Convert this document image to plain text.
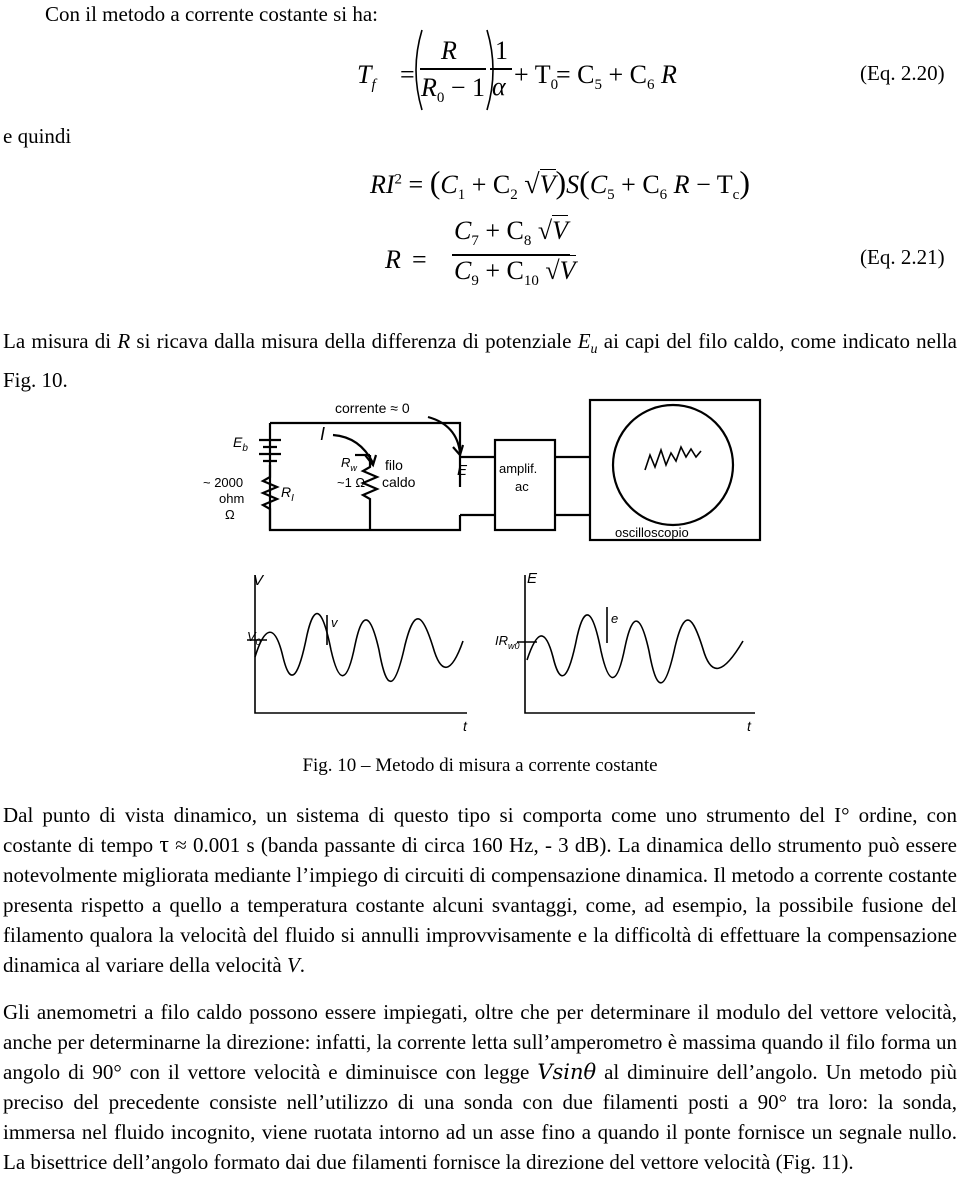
Con il metodo a corrente costante si ha:
$T_f$ =
R
$R_0 - 1$
1
$\alpha + T_0$
= $C_5 + C_6$ R	(Eq. 2.20)
e quindi
$RI^2 = (C_1 + C_2$ $√V)S(C_5 + C_6$ $R - T_c$)
R =
$C_7 + C_8$ √V
$C_9 + C_{10}$ √V	(Eq. 2.21)
La misura di R si ricava dalla misura della differenza di potenziale $E_u$ ai capi del filo caldo, come indicato nella Fig. 10.
corrente ≈ 0
$E_b$
~ 2000
ohm
Ω
$R_I$
I
$R_w$
~1 Ω
filo
caldo
E amplif.
ac
oscilloscopio
V
$V_0$
v
t
E
$IR_{w0}$
e
t
Fig. 10 – Metodo di misura a corrente costante
Dal punto di vista dinamico, un sistema di questo tipo si comporta come uno strumento del I° ordine, con costante di tempo τ ≈ 0.001 s (banda passante di circa 160 Hz, - 3 dB). La dinamica dello strumento può essere notevolmente migliorata mediante l’impiego di circuiti di compensazione dinamica. Il metodo a corrente costante presenta rispetto a quello a temperatura costante alcuni svantaggi, come, ad esempio, la possibile fusione del filamento qualora la velocità del fluido si annulli improvvisamente e la difficoltà di effettuare la compensazione dinamica al variare della velocità V.
Gli anemometri a filo caldo possono essere impiegati, oltre che per determinare il modulo del vettore velocità, anche per determinarne la direzione: infatti, la corrente letta sull’amperometro è massima quando il filo forma un angolo di 90° con il vettore velocità e diminuisce con legge Vsinθ al diminuire dell’angolo. Un metodo più preciso del precedente consiste nell’utilizzo di una sonda con due filamenti posti a 90° tra loro: la sonda, immersa nel fluido incognito, viene ruotata intorno ad un asse fino a quando il ponte fornisce un segnale nullo. La bisettrice dell’angolo formato dai due filamenti fornisce la direzione del vettore velocità (Fig. 11).
